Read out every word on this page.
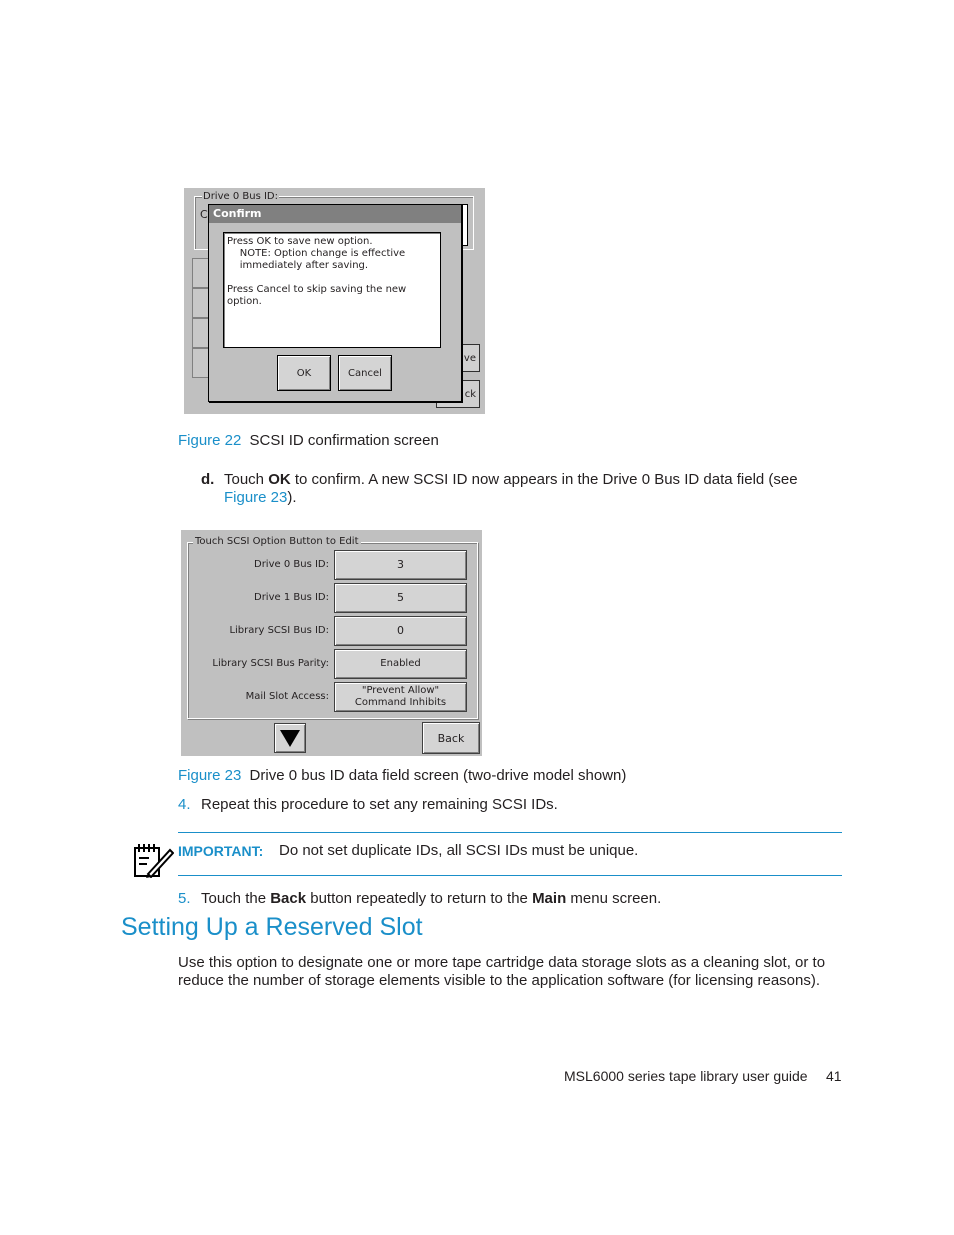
Drive 0 Bus ID:
C
ve
ck
Confirm
Press OK to save new option.
NOTE: Option change is effective
immediately after saving.

Press Cancel to skip saving the new option.
OK	Cancel
Figure 22 SCSI ID confirmation screen
d. Touch OK to confirm. A new SCSI ID now appears in the Drive 0 Bus ID data field (see
Figure 23).
Touch SCSI Option Button to Edit
Drive 0 Bus ID:	3
Drive 1 Bus ID:	5
Library SCSI Bus ID:	0
Library SCSI Bus Parity:	Enabled
Mail Slot Access:
"Prevent Allow"
Command Inhibits
Back
Figure 23 Drive 0 bus ID data field screen (two-drive model shown)
4. Repeat this procedure to set any remaining SCSI IDs.
IMPORTANT: Do not set duplicate IDs, all SCSI IDs must be unique.
5. Touch the Back button repeatedly to return to the Main menu screen.
Setting Up a Reserved Slot
Use this option to designate one or more tape cartridge data storage slots as a cleaning slot, or to
reduce the number of storage elements visible to the application software (for licensing reasons).
MSL6000 series tape library user guide 41
